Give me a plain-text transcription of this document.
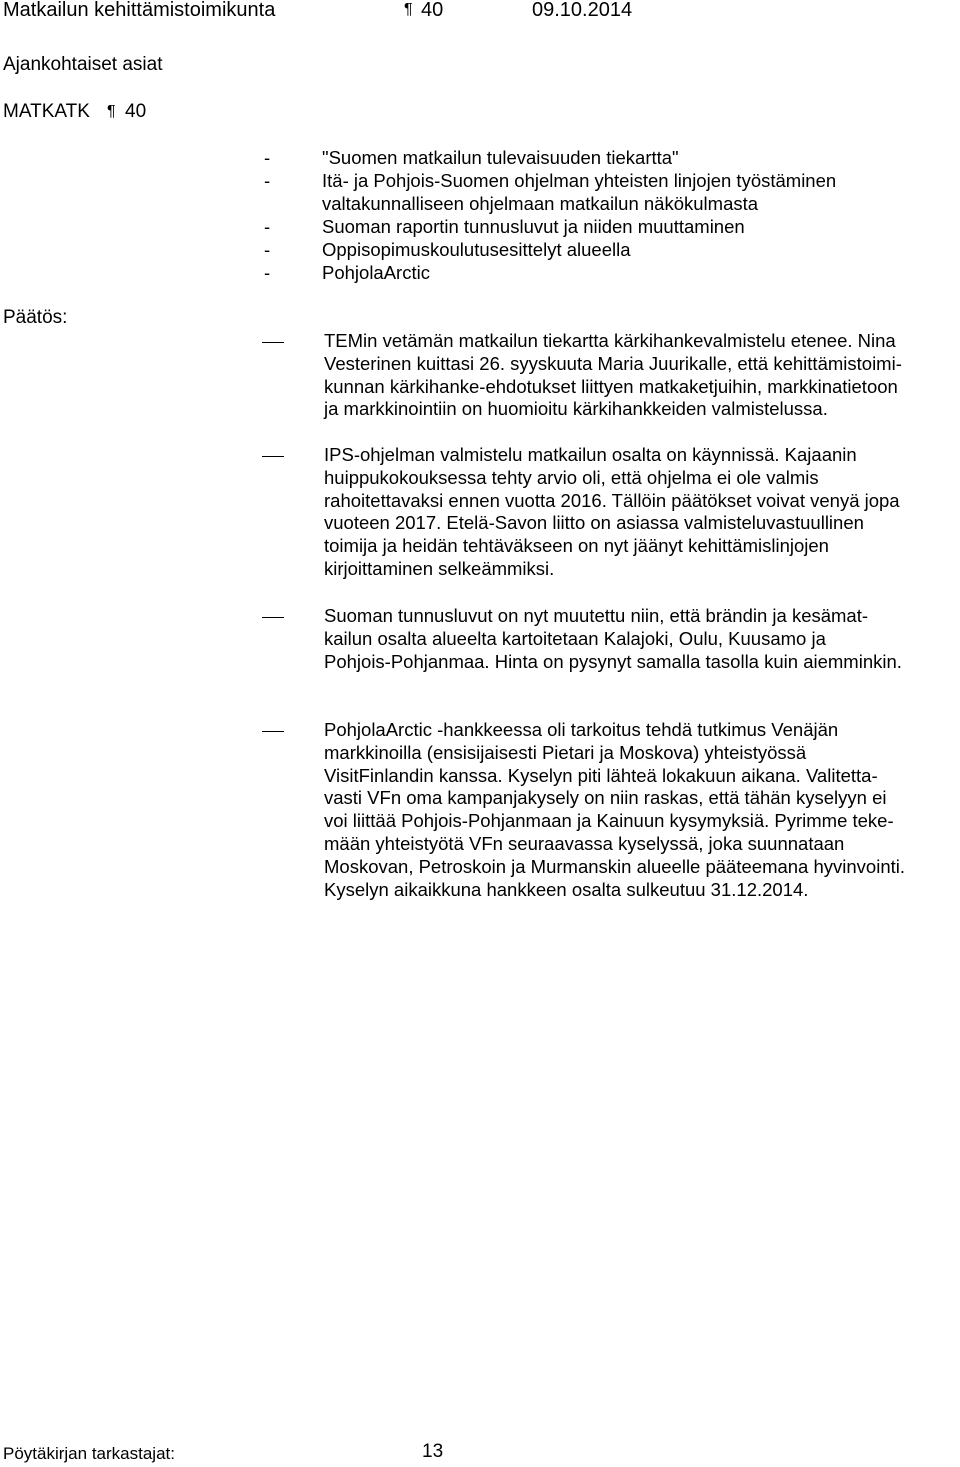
Matkailun kehittämistoimikunta	¶ 40	09.10.2014
Ajankohtaiset asiat
MATKATK ¶ 40
-	"Suomen matkailun tulevaisuuden tiekartta"
-	Itä- ja Pohjois-Suomen ohjelman yhteisten linjojen työstäminen
valtakunnalliseen ohjelmaan matkailun näkökulmasta
-	Suoman raportin tunnusluvut ja niiden muuttaminen
-	Oppisopimuskoulutusesittelyt alueella
-	PohjolaArctic
Päätös:
TEMin vetämän matkailun tiekartta kärkihankevalmistelu etenee. Nina
Vesterinen kuittasi 26. syyskuuta Maria Juurikalle, että kehittämistoimi-
kunnan kärkihanke-ehdotukset liittyen matkaketjuihin, markkinatietoon
ja markkinointiin on huomioitu kärkihankkeiden valmistelussa.
IPS-ohjelman valmistelu matkailun osalta on käynnissä. Kajaanin
huippukokouksessa tehty arvio oli, että ohjelma ei ole valmis
rahoitettavaksi ennen vuotta 2016. Tällöin päätökset voivat venyä jopa
vuoteen 2017. Etelä-Savon liitto on asiassa valmisteluvastuullinen
toimija ja heidän tehtäväkseen on nyt jäänyt kehittämislinjojen
kirjoittaminen selkeämmiksi.
Suoman tunnusluvut on nyt muutettu niin, että brändin ja kesämat-
kailun osalta alueelta kartoitetaan Kalajoki, Oulu, Kuusamo ja
Pohjois-Pohjanmaa. Hinta on pysynyt samalla tasolla kuin aiemminkin.
PohjolaArctic -hankkeessa oli tarkoitus tehdä tutkimus Venäjän
markkinoilla (ensisijaisesti Pietari ja Moskova) yhteistyössä
VisitFinlandin kanssa. Kyselyn piti lähteä lokakuun aikana. Valitetta-
vasti VFn oma kampanjakysely on niin raskas, että tähän kyselyyn ei
voi liittää Pohjois-Pohjanmaan ja Kainuun kysymyksiä. Pyrimme teke-
mään yhteistyötä VFn seuraavassa kyselyssä, joka suunnataan
Moskovan, Petroskoin ja Murmanskin alueelle pääteemana hyvinvointi.
Kyselyn aikaikkuna hankkeen osalta sulkeutuu 31.12.2014.
Pöytäkirjan tarkastajat:	13
